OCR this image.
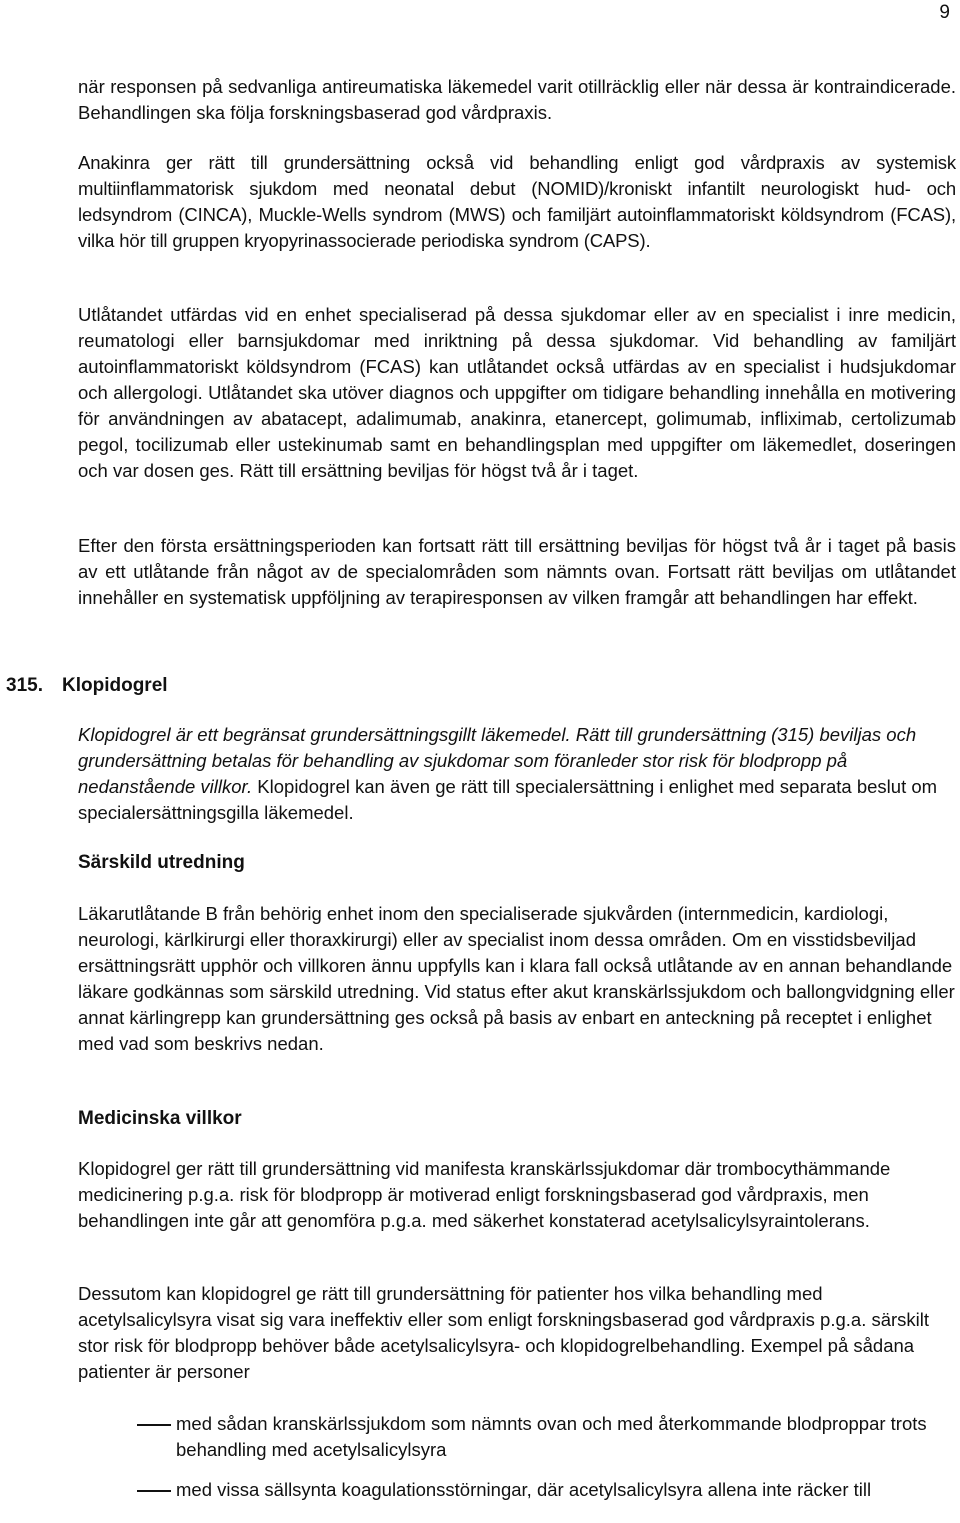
9

när responsen på sedvanliga antireumatiska läkemedel varit otillräcklig eller när dessa är kontraindicerade. Behandlingen ska följa forskningsbaserad god vårdpraxis.

Anakinra ger rätt till grundersättning också vid behandling enligt god vårdpraxis av systemisk multiinflammatorisk sjukdom med neonatal debut (NOMID)/kroniskt infantilt neurologiskt hud- och ledsyndrom (CINCA), Muckle-Wells syndrom (MWS) och familjärt autoinflammatoriskt köldsyndrom (FCAS), vilka hör till gruppen kryopyrinassocierade periodiska syndrom (CAPS).

Utlåtandet utfärdas vid en enhet specialiserad på dessa sjukdomar eller av en specialist i inre medicin, reumatologi eller barnsjukdomar med inriktning på dessa sjukdomar. Vid behandling av familjärt autoinflammatoriskt köldsyndrom (FCAS) kan utlåtandet också utfärdas av en specialist i hudsjukdomar och allergologi. Utlåtandet ska utöver diagnos och uppgifter om tidigare behandling innehålla en motivering för användningen av abatacept, adalimumab, anakinra, etanercept, golimumab, infliximab, certolizumab pegol, tocilizumab eller ustekinumab samt en behandlingsplan med uppgifter om läkemedlet, doseringen och var dosen ges. Rätt till ersättning beviljas för högst två år i taget.

Efter den första ersättningsperioden kan fortsatt rätt till ersättning beviljas för högst två år i taget på basis av ett utlåtande från något av de specialområden som nämnts ovan. Fortsatt rätt beviljas om utlåtandet innehåller en systematisk uppföljning av terapiresponsen av vilken framgår att behandlingen har effekt.

315. Klopidogrel

Klopidogrel är ett begränsat grundersättningsgillt läkemedel. Rätt till grundersättning (315) beviljas och grundersättning betalas för behandling av sjukdomar som föranleder stor risk för blodpropp på nedanstående villkor. Klopidogrel kan även ge rätt till specialersättning i enlighet med separata beslut om specialersättningsgilla läkemedel.

Särskild utredning

Läkarutlåtande B från behörig enhet inom den specialiserade sjukvården (internmedicin, kardiologi, neurologi, kärlkirurgi eller thoraxkirurgi) eller av specialist inom dessa områden. Om en visstidsbeviljad ersättningsrätt upphör och villkoren ännu uppfylls kan i klara fall också utlåtande av en annan behandlande läkare godkännas som särskild utredning. Vid status efter akut kranskärlssjukdom och ballongvidgning eller annat kärlingrepp kan grundersättning ges också på basis av enbart en anteckning på receptet i enlighet med vad som beskrivs nedan.

Medicinska villkor

Klopidogrel ger rätt till grundersättning vid manifesta kranskärlssjukdomar där trombocythämmande medicinering p.g.a. risk för blodpropp är motiverad enligt forskningsbaserad god vårdpraxis, men behandlingen inte går att genomföra p.g.a. med säkerhet konstaterad acetylsalicylsyraintolerans.

Dessutom kan klopidogrel ge rätt till grundersättning för patienter hos vilka behandling med acetylsalicylsyra visat sig vara ineffektiv eller som enligt forskningsbaserad god vårdpraxis p.g.a. särskilt stor risk för blodpropp behöver både acetylsalicylsyra- och klopidogrelbehandling. Exempel på sådana patienter är personer

med sådan kranskärlssjukdom som nämnts ovan och med återkommande blodproppar trots behandling med acetylsalicylsyra
med vissa sällsynta koagulationsstörningar, där acetylsalicylsyra allena inte räcker till
